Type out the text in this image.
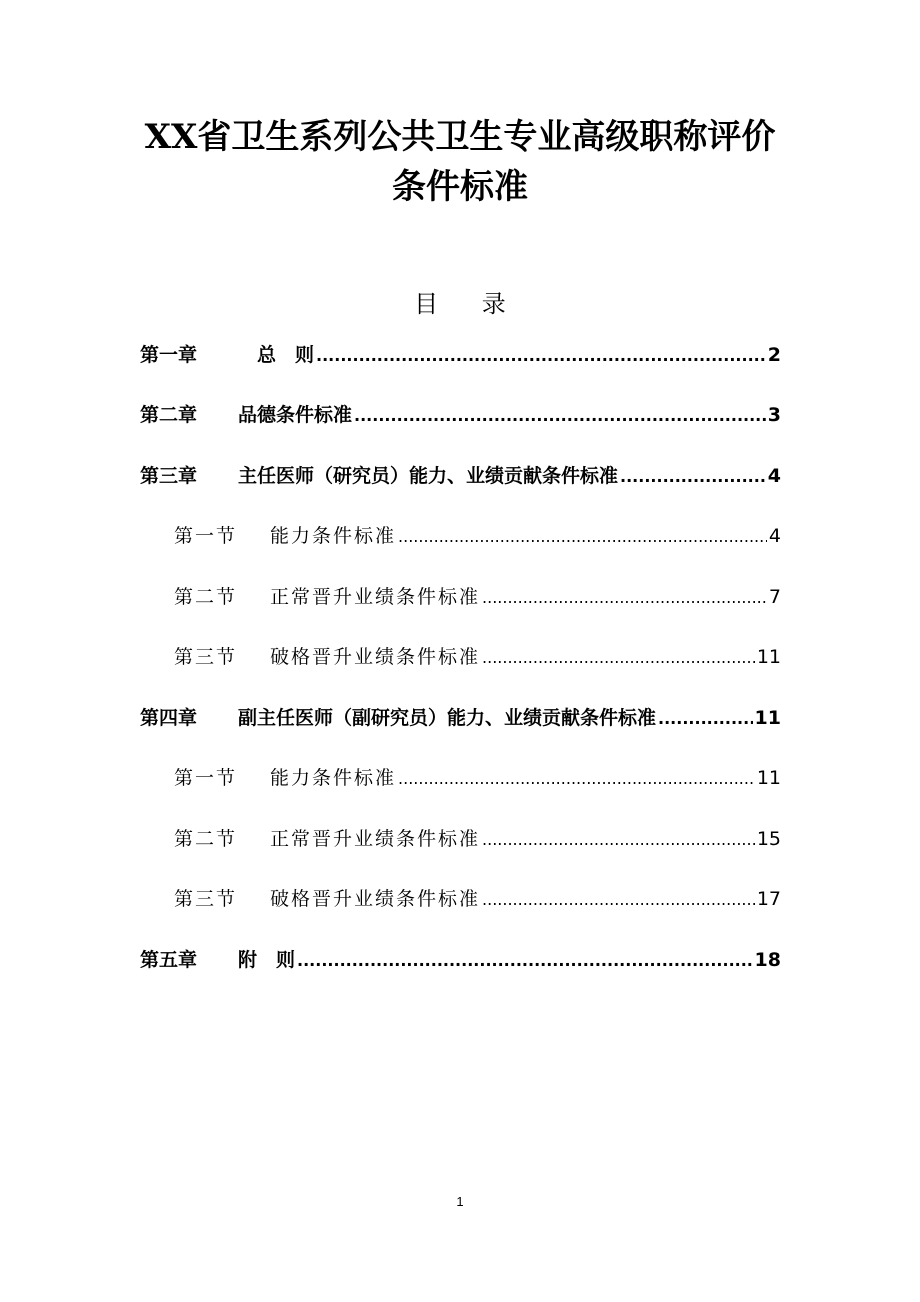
XX省卫生系列公共卫生专业高级职称评价
条件标准
目 录
第一章	　总　则 .....	2
第二章	品德条件标准 .....	3
第三章	主任医师（研究员）能力、业绩贡献条件标准 .....	4
第一节	能力条件标准 .....	4
第二节	正常晋升业绩条件标准 .....	7
第三节	破格晋升业绩条件标准 .....	11
第四章	副主任医师（副研究员）能力、业绩贡献条件标准 .....	11
第一节	能力条件标准 .....	11
第二节	正常晋升业绩条件标准 .....	15
第三节	破格晋升业绩条件标准 .....	17
第五章	附　则 .....	18
1
